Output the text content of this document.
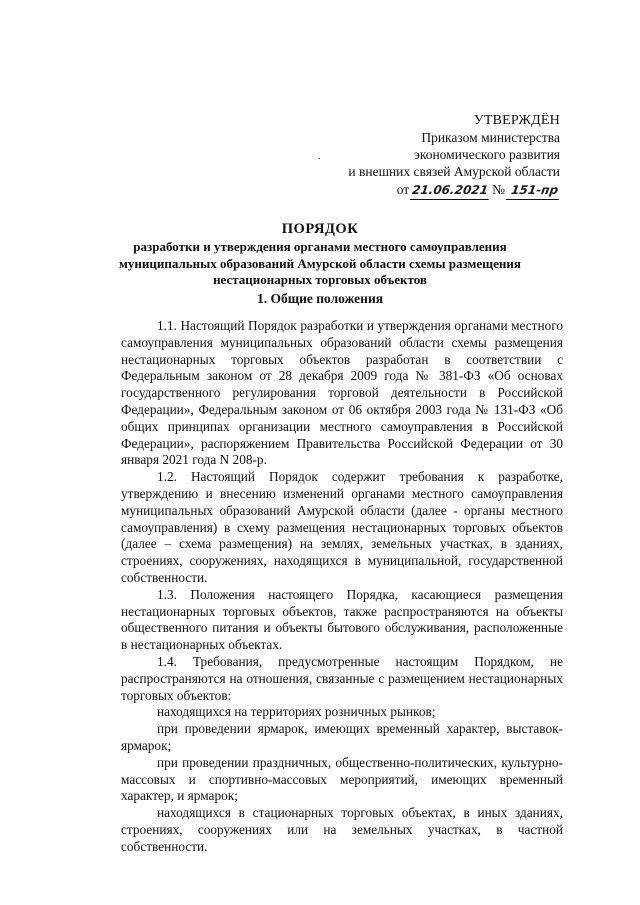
УТВЕРЖДЁН
Приказом министерства
экономического развития
и внешних связей Амурской области
от 21.06.2021 № 151-пр
ПОРЯДОК
разработки и утверждения органами местного самоуправления
муниципальных образований Амурской области схемы размещения
нестационарных торговых объектов
1. Общие положения

1.1. Настоящий Порядок разработки и утверждения органами местного самоуправления муниципальных образований области схемы размещения нестационарных торговых объектов разработан в соответствии с Федеральным законом от 28 декабря 2009 года № 381-ФЗ «Об основах государственного регулирования торговой деятельности в Российской Федерации», Федеральным законом от 06 октября 2003 года № 131-ФЗ «Об общих принципах организации местного самоуправления в Российской Федерации», распоряжением Правительства Российской Федерации от 30 января 2021 года N 208-р.

1.2. Настоящий Порядок содержит требования к разработке, утверждению и внесению изменений органами местного самоуправления муниципальных образований Амурской области (далее - органы местного самоуправления) в схему размещения нестационарных торговых объектов (далее – схема размещения) на землях, земельных участках, в зданиях, строениях, сооружениях, находящихся в муниципальной, государственной собственности.

1.3. Положения настоящего Порядка, касающиеся размещения нестационарных торговых объектов, также распространяются на объекты общественного питания и объекты бытового обслуживания, расположенные в нестационарных объектах.

1.4. Требования, предусмотренные настоящим Порядком, не распространяются на отношения, связанные с размещением нестационарных торговых объектов:

находящихся на территориях розничных рынков;

при проведении ярмарок, имеющих временный характер, выставок-ярмарок;

при проведении праздничных, общественно-политических, культурно-массовых и спортивно-массовых мероприятий, имеющих временный характер, и ярмарок;

находящихся в стационарных торговых объектах, в иных зданиях, строениях, сооружениях или на земельных участках, в частной собственности.
